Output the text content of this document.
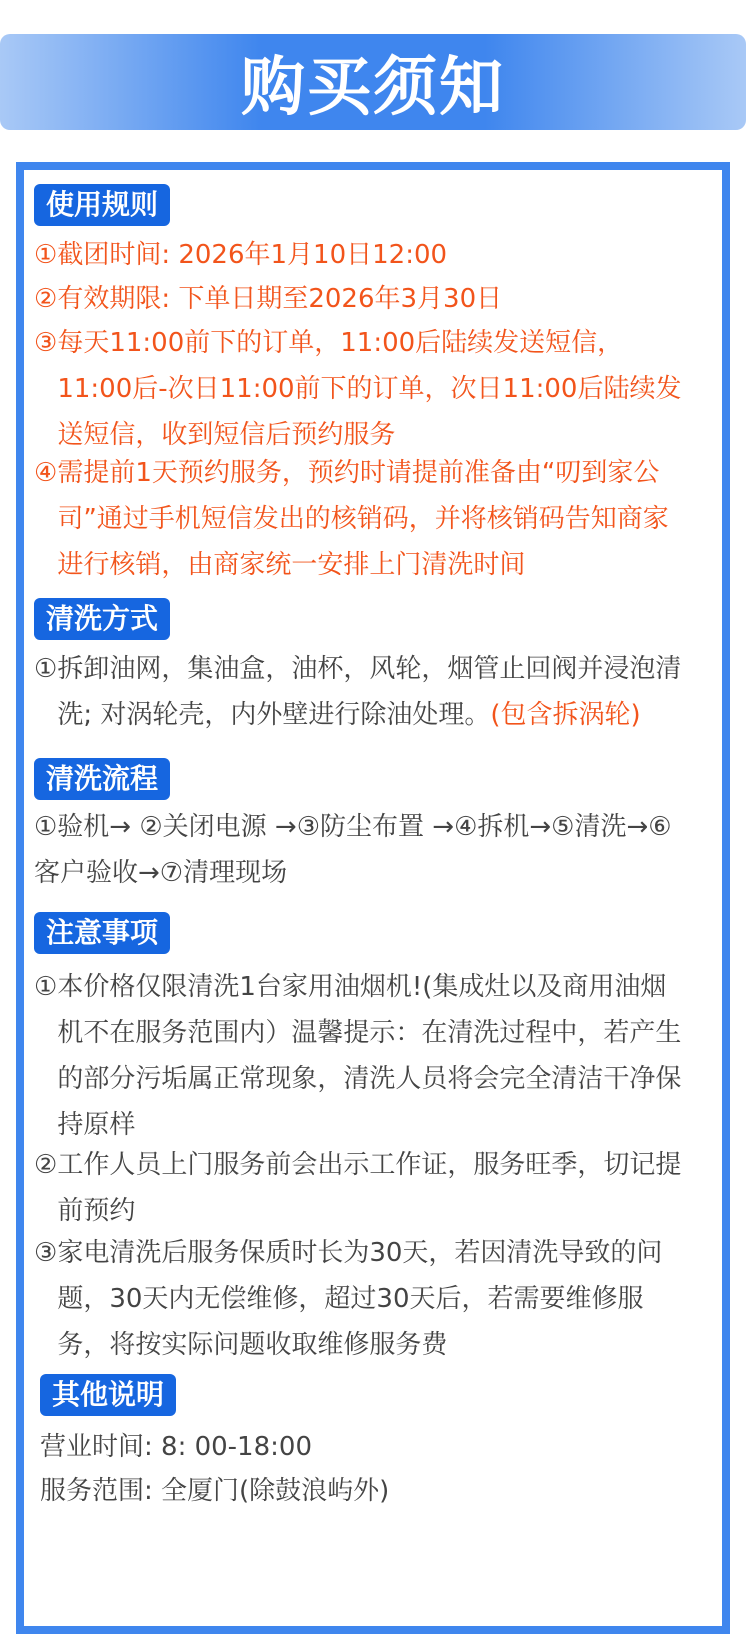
购买须知
使用规则
① 截团时间: 2026年1月10日12:00
② 有效期限: 下单日期至2026年3月30日
③ 每天11:00前下的订单，11:00后陆续发送短信，11:00后-次日11:00前下的订单，次日11:00后陆续发送短信，收到短信后预约服务
④ 需提前1天预约服务，预约时请提前准备由“叨到家公司”通过手机短信发出的核销码，并将核销码告知商家进行核销，由商家统一安排上门清洗时间
清洗方式
① 拆卸油网，集油盒，油杯，风轮，烟管止回阀并浸泡清洗; 对涡轮壳，内外壁进行除油处理。(包含拆涡轮)
清洗流程
①验机→ ②关闭电源 →③防尘布置 →④拆机→⑤清洗→⑥客户验收→⑦清理现场
注意事项
① 本价格仅限清洗1台家用油烟机!(集成灶以及商用油烟机不在服务范围内）温馨提示：在清洗过程中，若产生的部分污垢属正常现象，清洗人员将会完全清洁干净保持原样
② 工作人员上门服务前会出示工作证，服务旺季，切记提前预约
③ 家电清洗后服务保质时长为30天，若因清洗导致的问题，30天内无偿维修，超过30天后，若需要维修服务，将按实际问题收取维修服务费
其他说明
营业时间: 8: 00-18:00
服务范围: 全厦门(除鼓浪屿外)
